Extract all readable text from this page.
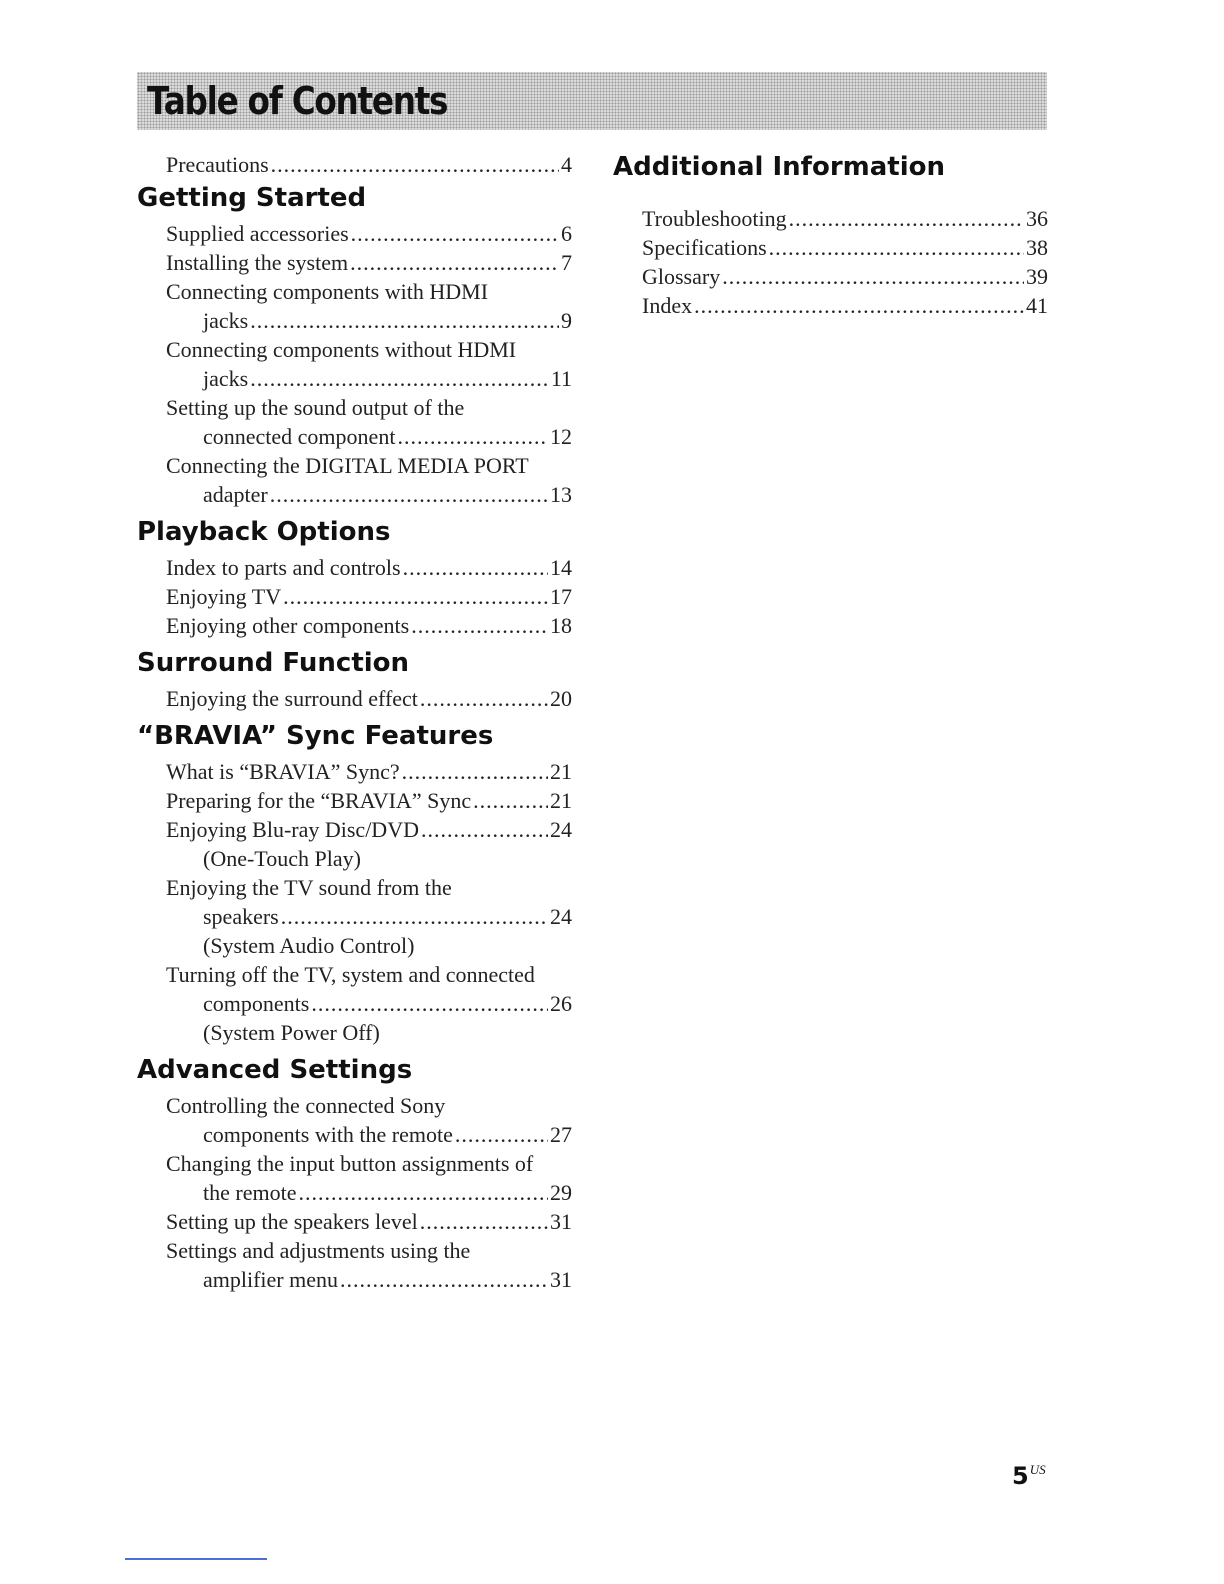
Table of Contents
Precautions .....	4
Getting Started
Supplied accessories .....	6
Installing the system .....	7
Connecting components with HDMI
jacks .....	9
Connecting components without HDMI
jacks .....	11
Setting up the sound output of the
connected component .....	12
Connecting the DIGITAL MEDIA PORT
adapter .....	13
Playback Options
Index to parts and controls .....	14
Enjoying TV .....	17
Enjoying other components .....	18
Surround Function
Enjoying the surround effect .....	20
“BRAVIA” Sync Features
What is “BRAVIA” Sync? .....	21
Preparing for the “BRAVIA” Sync .....	21
Enjoying Blu-ray Disc/DVD .....	24
(One-Touch Play)
Enjoying the TV sound from the
speakers .....	24
(System Audio Control)
Turning off the TV, system and connected
components .....	26
(System Power Off)
Advanced Settings
Controlling the connected Sony
components with the remote .....	27
Changing the input button assignments of
the remote .....	29
Setting up the speakers level .....	31
Settings and adjustments using the
amplifier menu .....	31
Additional Information
Troubleshooting .....	36
Specifications .....	38
Glossary .....	39
Index .....	41
$5^{US}$
